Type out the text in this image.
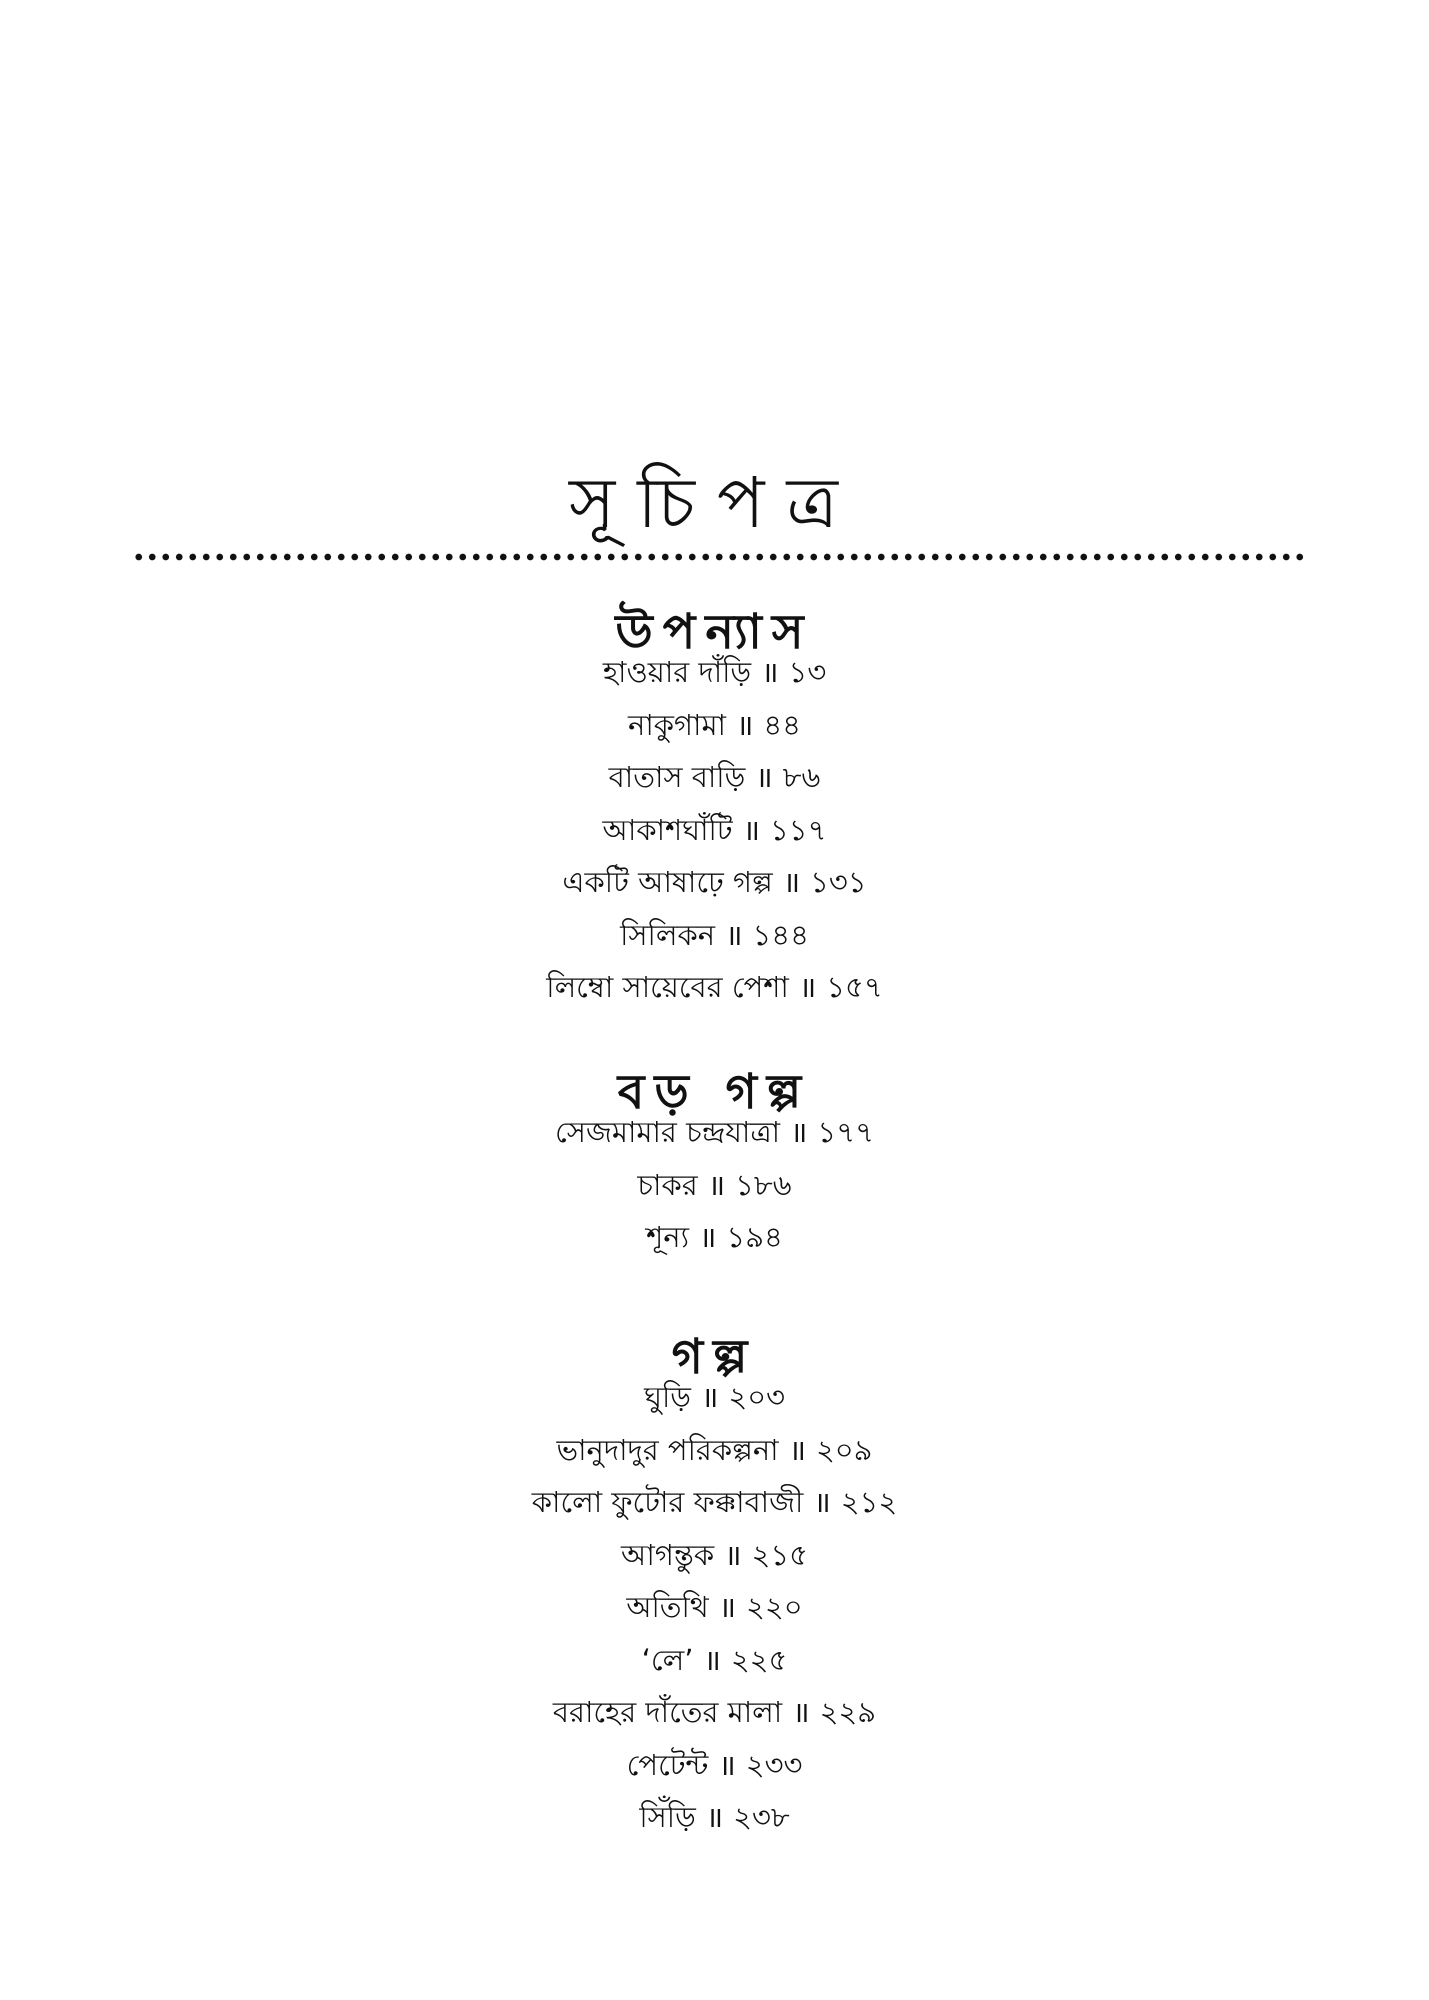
সূচিপত্র
উপন্যাস
হাওয়ার দাঁড়ি ॥ ১৩
নাকুগামা ॥ ৪৪
বাতাস বাড়ি ॥ ৮৬
আকাশঘাঁটি ॥ ১১৭
একটি আষাঢ়ে গল্প ॥ ১৩১
সিলিকন ॥ ১৪৪
লিম্বো সায়েবের পেশা ॥ ১৫৭
বড় গল্প
সেজমামার চন্দ্রযাত্রা ॥ ১৭৭
চাকর ॥ ১৮৬
শূন্য ॥ ১৯৪
গল্প
ঘুড়ি ॥ ২০৩
ভানুদাদুর পরিকল্পনা ॥ ২০৯
কালো ফুটোর ফক্কাবাজী ॥ ২১২
আগন্তুক ॥ ২১৫
অতিথি ॥ ২২০
‘লে’ ॥ ২২৫
বরাহের দাঁতের মালা ॥ ২২৯
পেটেন্ট ॥ ২৩৩
সিঁড়ি ॥ ২৩৮
